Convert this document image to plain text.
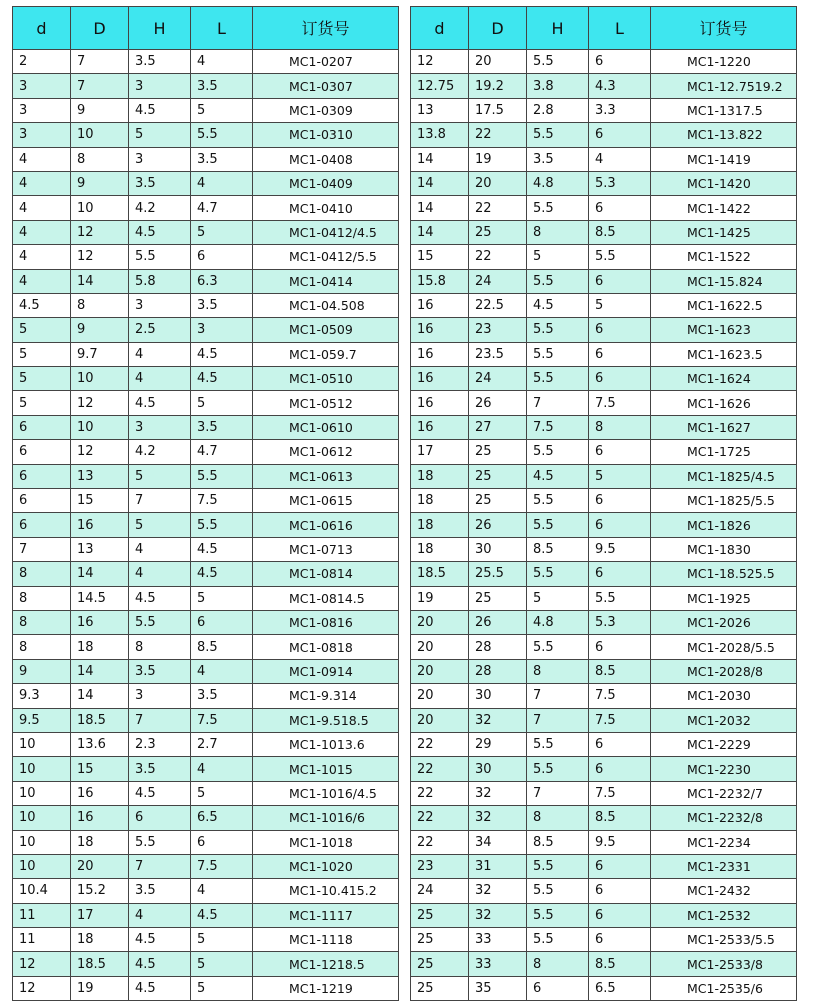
d	D	H	L	订货号
2	7	3.5	4	MC1-0207
3	7	3	3.5	MC1-0307
3	9	4.5	5	MC1-0309
3	10	5	5.5	MC1-0310
4	8	3	3.5	MC1-0408
4	9	3.5	4	MC1-0409
4	10	4.2	4.7	MC1-0410
4	12	4.5	5	MC1-0412/4.5
4	12	5.5	6	MC1-0412/5.5
4	14	5.8	6.3	MC1-0414
4.5	8	3	3.5	MC1-04.508
5	9	2.5	3	MC1-0509
5	9.7	4	4.5	MC1-059.7
5	10	4	4.5	MC1-0510
5	12	4.5	5	MC1-0512
6	10	3	3.5	MC1-0610
6	12	4.2	4.7	MC1-0612
6	13	5	5.5	MC1-0613
6	15	7	7.5	MC1-0615
6	16	5	5.5	MC1-0616
7	13	4	4.5	MC1-0713
8	14	4	4.5	MC1-0814
8	14.5	4.5	5	MC1-0814.5
8	16	5.5	6	MC1-0816
8	18	8	8.5	MC1-0818
9	14	3.5	4	MC1-0914
9.3	14	3	3.5	MC1-9.314
9.5	18.5	7	7.5	MC1-9.518.5
10	13.6	2.3	2.7	MC1-1013.6
10	15	3.5	4	MC1-1015
10	16	4.5	5	MC1-1016/4.5
10	16	6	6.5	MC1-1016/6
10	18	5.5	6	MC1-1018
10	20	7	7.5	MC1-1020
10.4	15.2	3.5	4	MC1-10.415.2
11	17	4	4.5	MC1-1117
11	18	4.5	5	MC1-1118
12	18.5	4.5	5	MC1-1218.5
12	19	4.5	5	MC1-1219
d	D	H	L	订货号
12	20	5.5	6	MC1-1220
12.75	19.2	3.8	4.3	MC1-12.7519.2
13	17.5	2.8	3.3	MC1-1317.5
13.8	22	5.5	6	MC1-13.822
14	19	3.5	4	MC1-1419
14	20	4.8	5.3	MC1-1420
14	22	5.5	6	MC1-1422
14	25	8	8.5	MC1-1425
15	22	5	5.5	MC1-1522
15.8	24	5.5	6	MC1-15.824
16	22.5	4.5	5	MC1-1622.5
16	23	5.5	6	MC1-1623
16	23.5	5.5	6	MC1-1623.5
16	24	5.5	6	MC1-1624
16	26	7	7.5	MC1-1626
16	27	7.5	8	MC1-1627
17	25	5.5	6	MC1-1725
18	25	4.5	5	MC1-1825/4.5
18	25	5.5	6	MC1-1825/5.5
18	26	5.5	6	MC1-1826
18	30	8.5	9.5	MC1-1830
18.5	25.5	5.5	6	MC1-18.525.5
19	25	5	5.5	MC1-1925
20	26	4.8	5.3	MC1-2026
20	28	5.5	6	MC1-2028/5.5
20	28	8	8.5	MC1-2028/8
20	30	7	7.5	MC1-2030
20	32	7	7.5	MC1-2032
22	29	5.5	6	MC1-2229
22	30	5.5	6	MC1-2230
22	32	7	7.5	MC1-2232/7
22	32	8	8.5	MC1-2232/8
22	34	8.5	9.5	MC1-2234
23	31	5.5	6	MC1-2331
24	32	5.5	6	MC1-2432
25	32	5.5	6	MC1-2532
25	33	5.5	6	MC1-2533/5.5
25	33	8	8.5	MC1-2533/8
25	35	6	6.5	MC1-2535/6
